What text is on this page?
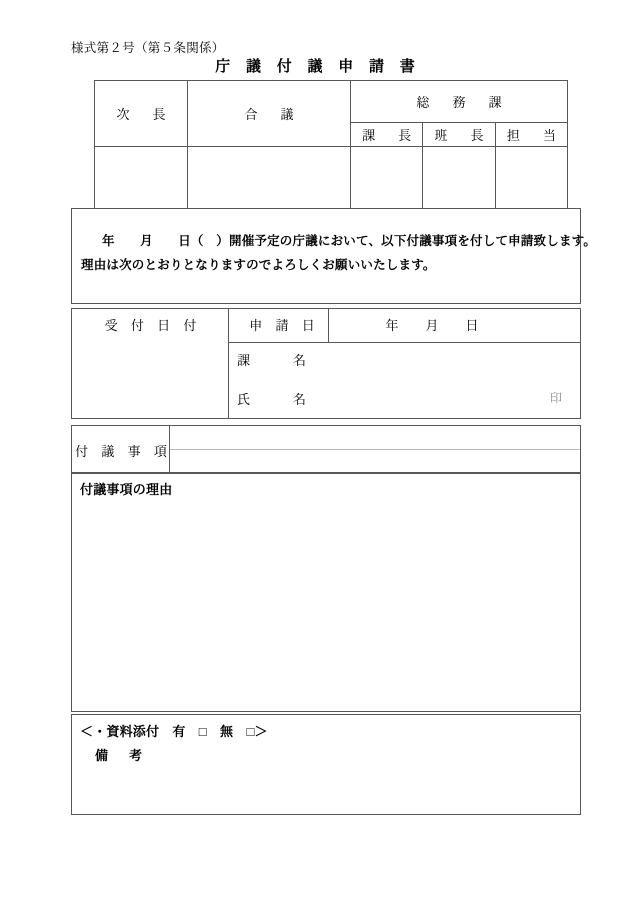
様式第２号（第５条関係）
庁 議 付 議 申 請 書
次　長	合　議	総　務　課		
		課　長	班　長	担　当

年　　月　　日（　）開催予定の庁議において、以下付議事項を付して申請致します。
理由は次のとおりとなりますのでよろしくお願いいたします。
受 付 日 付	申 請 日	年　月　日
課　　　名
氏　　　名	印
付 議 事 項
付議事項の理由
＜・資料添付　有　□　無　□＞
備　考
